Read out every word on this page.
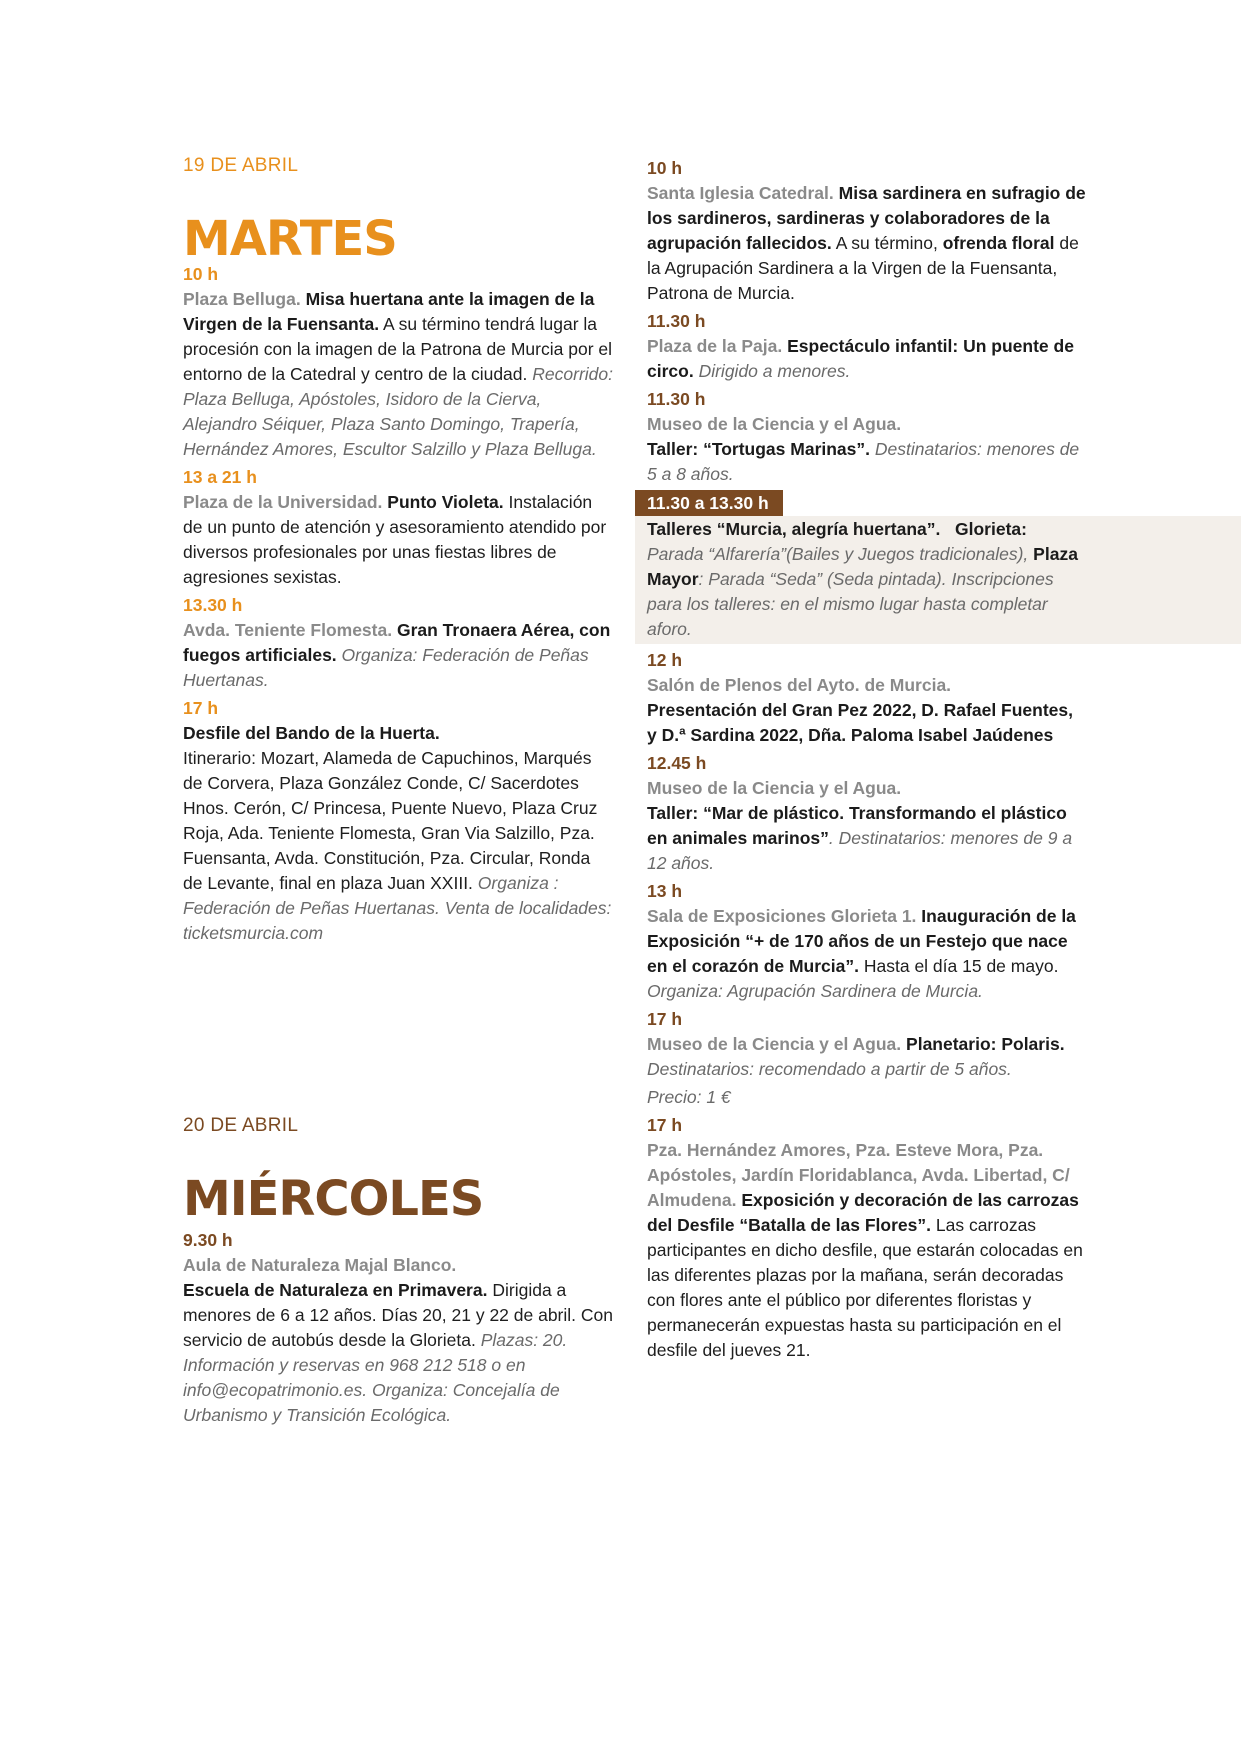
19 DE ABRIL
MARTES
10 h

Plaza Belluga. Misa huertana ante la imagen de la Virgen de la Fuensanta. A su término tendrá lugar la procesión con la imagen de la Patrona de Murcia por el entorno de la Catedral y centro de la ciudad. Recorrido: Plaza Belluga, Apóstoles, Isidoro de la Cierva, Alejandro Séiquer, Plaza Santo Domingo, Trapería, Hernández Amores, Escultor Salzillo y Plaza Belluga.

13 a 21 h

Plaza de la Universidad. Punto Violeta. Instalación de un punto de atención y asesoramiento atendido por diversos profesionales por unas fiestas libres de agresiones sexistas.

13.30 h

Avda. Teniente Flomesta. Gran Tronaera Aérea, con fuegos artificiales. Organiza: Federación de Peñas Huertanas.

17 h

Desfile del Bando de la Huerta.
Itinerario: Mozart, Alameda de Capuchinos, Marqués de Corvera, Plaza González Conde, C/ Sacerdotes Hnos. Cerón, C/ Princesa, Puente Nuevo, Plaza Cruz Roja, Ada. Teniente Flomesta, Gran Via Salzillo, Pza. Fuensanta, Avda. Constitución, Pza. Circular, Ronda de Levante, final en plaza Juan XXIII. Organiza : Federación de Peñas Huertanas. Venta de localidades: ticketsmurcia.com

20 DE ABRIL
MIÉRCOLES
9.30 h

Aula de Naturaleza Majal Blanco.
Escuela de Naturaleza en Primavera. Dirigida a menores de 6 a 12 años. Días 20, 21 y 22 de abril. Con servicio de autobús desde la Glorieta. Plazas: 20. Información y reservas en 968 212 518 o en info@ecopatrimonio.es. Organiza: Concejalía de Urbanismo y Transición Ecológica.

10 h

Santa Iglesia Catedral. Misa sardinera en sufragio de los sardineros, sardineras y colaboradores de la agrupación fallecidos. A su término, ofrenda floral de la Agrupación Sardinera a la Virgen de la Fuensanta, Patrona de Murcia.

11.30 h

Plaza de la Paja. Espectáculo infantil: Un puente de circo. Dirigido a menores.

11.30 h

Museo de la Ciencia y el Agua.
Taller: “Tortugas Marinas”. Destinatarios: menores de 5 a 8 años.

11.30 a 13.30 h

Talleres “Murcia, alegría huertana”. Glorieta: Parada “Alfarería”(Bailes y Juegos tradicionales), Plaza Mayor: Parada “Seda” (Seda pintada). Inscripciones para los talleres: en el mismo lugar hasta completar aforo.

12 h

Salón de Plenos del Ayto. de Murcia.
Presentación del Gran Pez 2022, D. Rafael Fuentes, y D.ª Sardina 2022, Dña. Paloma Isabel Jaúdenes

12.45 h

Museo de la Ciencia y el Agua.
Taller: “Mar de plástico. Transformando el plástico en animales marinos”. Destinatarios: menores de 9 a 12 años.

13 h

Sala de Exposiciones Glorieta 1. Inauguración de la Exposición “+ de 170 años de un Festejo que nace en el corazón de Murcia”. Hasta el día 15 de mayo. Organiza: Agrupación Sardinera de Murcia.

17 h

Museo de la Ciencia y el Agua. Planetario: Polaris. Destinatarios: recomendado a partir de 5 años.

Precio: 1 €

17 h

Pza. Hernández Amores, Pza. Esteve Mora, Pza. Apóstoles, Jardín Floridablanca, Avda. Libertad, C/ Almudena. Exposición y decoración de las carrozas del Desfile “Batalla de las Flores”. Las carrozas participantes en dicho desfile, que estarán colocadas en las diferentes plazas por la mañana, serán decoradas con flores ante el público por diferentes floristas y permanecerán expuestas hasta su participación en el desfile del jueves 21.
